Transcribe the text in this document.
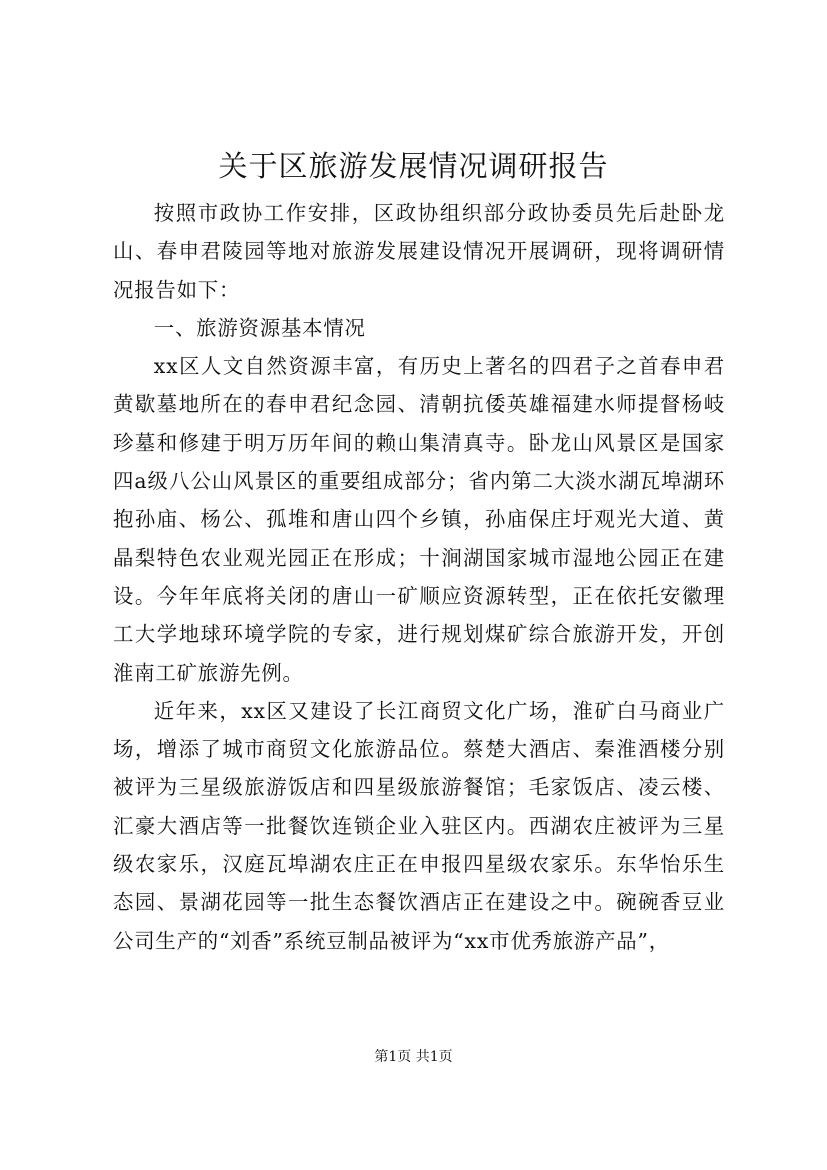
关于区旅游发展情况调研报告

按照市政协工作安排，区政协组织部分政协委员先后赴卧龙山、春申君陵园等地对旅游发展建设情况开展调研，现将调研情况报告如下：

一、旅游资源基本情况

xx区人文自然资源丰富，有历史上著名的四君子之首春申君黄歇墓地所在的春申君纪念园、清朝抗倭英雄福建水师提督杨岐珍墓和修建于明万历年间的赖山集清真寺。卧龙山风景区是国家四a级八公山风景区的重要组成部分；省内第二大淡水湖瓦埠湖环抱孙庙、杨公、孤堆和唐山四个乡镇，孙庙保庄圩观光大道、黄晶梨特色农业观光园正在形成；十涧湖国家城市湿地公园正在建设。今年年底将关闭的唐山一矿顺应资源转型，正在依托安徽理工大学地球环境学院的专家，进行规划煤矿综合旅游开发，开创淮南工矿旅游先例。

近年来，xx区又建设了长江商贸文化广场，淮矿白马商业广场，增添了城市商贸文化旅游品位。蔡楚大酒店、秦淮酒楼分别被评为三星级旅游饭店和四星级旅游餐馆；毛家饭店、凌云楼、汇豪大酒店等一批餐饮连锁企业入驻区内。西湖农庄被评为三星级农家乐，汉庭瓦埠湖农庄正在申报四星级农家乐。东华怡乐生态园、景湖花园等一批生态餐饮酒店正在建设之中。碗碗香豆业公司生产的“刘香”系统豆制品被评为“xx市优秀旅游产品”，

第1页 共1页
